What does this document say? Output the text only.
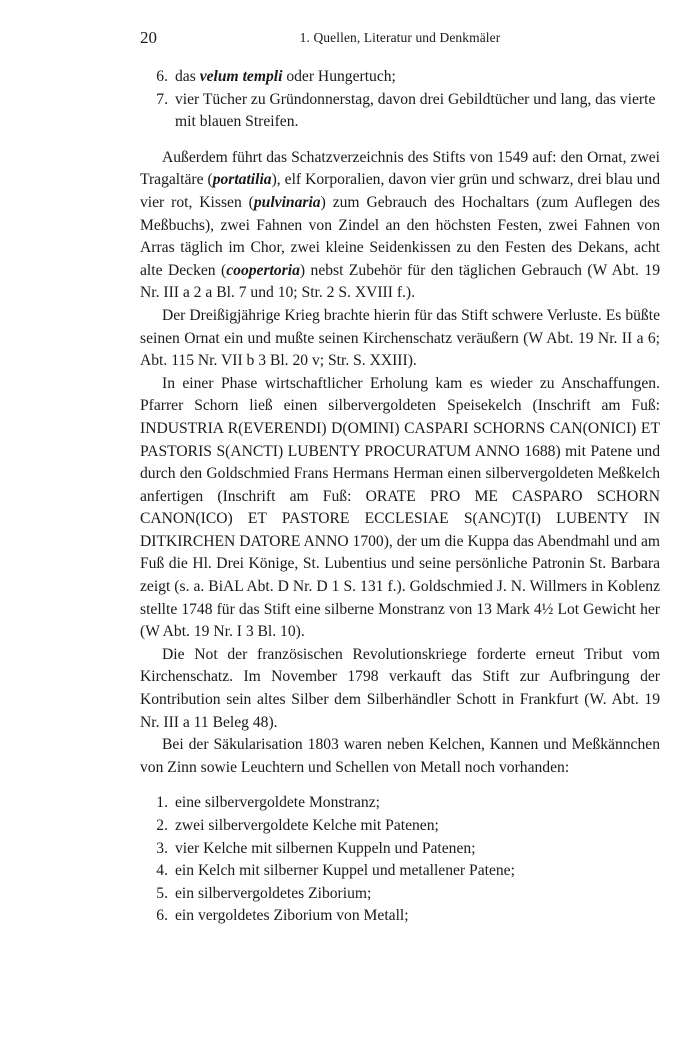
20	1. Quellen, Literatur und Denkmäler
6. das velum templi oder Hungertuch;
7. vier Tücher zu Gründonnerstag, davon drei Gebildtücher und lang, das vierte mit blauen Streifen.

Außerdem führt das Schatzverzeichnis des Stifts von 1549 auf: den Ornat, zwei Tragaltäre (portatilia), elf Korporalien, davon vier grün und schwarz, drei blau und vier rot, Kissen (pulvinaria) zum Gebrauch des Hochaltars (zum Auflegen des Meßbuchs), zwei Fahnen von Zindel an den höchsten Festen, zwei Fahnen von Arras täglich im Chor, zwei kleine Seidenkissen zu den Festen des Dekans, acht alte Decken (coopertoria) nebst Zubehör für den täglichen Gebrauch (W Abt. 19 Nr. III a 2 a Bl. 7 und 10; Str. 2 S. XVIII f.).

Der Dreißigjährige Krieg brachte hierin für das Stift schwere Verluste. Es büßte seinen Ornat ein und mußte seinen Kirchenschatz veräußern (W Abt. 19 Nr. II a 6; Abt. 115 Nr. VII b 3 Bl. 20 v; Str. S. XXIII).

In einer Phase wirtschaftlicher Erholung kam es wieder zu Anschaffungen. Pfarrer Schorn ließ einen silbervergoldeten Speisekelch (Inschrift am Fuß: INDUSTRIA R(EVERENDI) D(OMINI) CASPARI SCHORNS CAN(ONICI) ET PASTORIS S(ANCTI) LUBENTY PROCURATUM ANNO 1688) mit Patene und durch den Goldschmied Frans Hermans Herman einen silbervergoldeten Meßkelch anfertigen (Inschrift am Fuß: ORATE PRO ME CASPARO SCHORN CANON(ICO) ET PASTORE ECCLESIAE S(ANC)T(I) LUBENTY IN DITKIRCHEN DATORE ANNO 1700), der um die Kuppa das Abendmahl und am Fuß die Hl. Drei Könige, St. Lubentius und seine persönliche Patronin St. Barbara zeigt (s. a. BiAL Abt. D Nr. D 1 S. 131 f.). Goldschmied J. N. Willmers in Koblenz stellte 1748 für das Stift eine silberne Monstranz von 13 Mark 4½ Lot Gewicht her (W Abt. 19 Nr. I 3 Bl. 10).

Die Not der französischen Revolutionskriege forderte erneut Tribut vom Kirchenschatz. Im November 1798 verkauft das Stift zur Aufbringung der Kontribution sein altes Silber dem Silberhändler Schott in Frankfurt (W. Abt. 19 Nr. III a 11 Beleg 48).

Bei der Säkularisation 1803 waren neben Kelchen, Kannen und Meßkännchen von Zinn sowie Leuchtern und Schellen von Metall noch vorhanden:

1. eine silbervergoldete Monstranz;
2. zwei silbervergoldete Kelche mit Patenen;
3. vier Kelche mit silbernen Kuppeln und Patenen;
4. ein Kelch mit silberner Kuppel und metallener Patene;
5. ein silbervergoldetes Ziborium;
6. ein vergoldetes Ziborium von Metall;
